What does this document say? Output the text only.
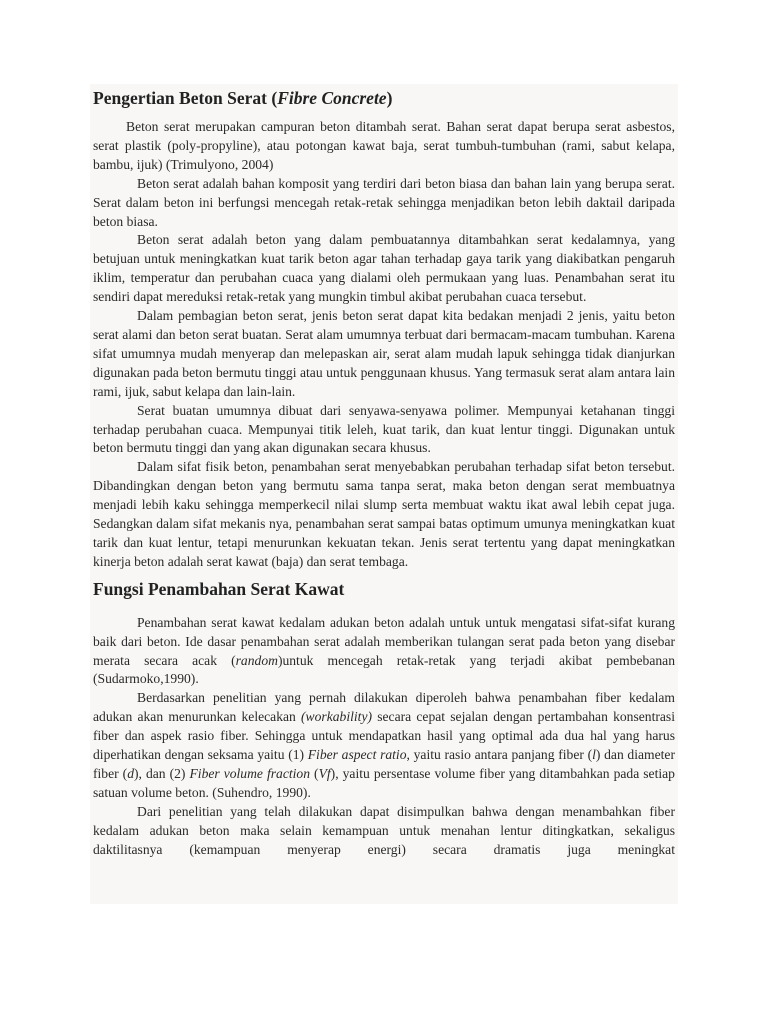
Pengertian Beton Serat (Fibre Concrete)

Beton serat merupakan campuran beton ditambah serat. Bahan serat dapat berupa serat asbestos, serat plastik (poly-propyline), atau potongan kawat baja, serat tumbuh-tumbuhan (rami, sabut kelapa, bambu, ijuk) (Trimulyono, 2004)

Beton serat adalah bahan komposit yang terdiri dari beton biasa dan bahan lain yang berupa serat. Serat dalam beton ini berfungsi mencegah retak-retak sehingga menjadikan beton lebih daktail daripada beton biasa.

Beton serat adalah beton yang dalam pembuatannya ditambahkan serat kedalamnya, yang betujuan untuk meningkatkan kuat tarik beton agar tahan terhadap gaya tarik yang diakibatkan pengaruh iklim, temperatur dan perubahan cuaca yang dialami oleh permukaan yang luas. Penambahan serat itu sendiri dapat mereduksi retak-retak yang mungkin timbul akibat perubahan cuaca tersebut.

Dalam pembagian beton serat, jenis beton serat dapat kita bedakan menjadi 2 jenis, yaitu beton serat alami dan beton serat buatan. Serat alam umumnya terbuat dari bermacam-macam tumbuhan. Karena sifat umumnya mudah menyerap dan melepaskan air, serat alam mudah lapuk sehingga tidak dianjurkan digunakan pada beton bermutu tinggi atau untuk penggunaan khusus. Yang termasuk serat alam antara lain rami, ijuk, sabut kelapa dan lain-lain.

Serat buatan umumnya dibuat dari senyawa-senyawa polimer. Mempunyai ketahanan tinggi terhadap perubahan cuaca. Mempunyai titik leleh, kuat tarik, dan kuat lentur tinggi. Digunakan untuk beton bermutu tinggi dan yang akan digunakan secara khusus.

Dalam sifat fisik beton, penambahan serat menyebabkan perubahan terhadap sifat beton tersebut. Dibandingkan dengan beton yang bermutu sama tanpa serat, maka beton dengan serat membuatnya menjadi lebih kaku sehingga memperkecil nilai slump serta membuat waktu ikat awal lebih cepat juga. Sedangkan dalam sifat mekanis nya, penambahan serat sampai batas optimum umunya meningkatkan kuat tarik dan kuat lentur, tetapi menurunkan kekuatan tekan. Jenis serat tertentu yang dapat meningkatkan kinerja beton adalah serat kawat (baja) dan serat tembaga.

Fungsi Penambahan Serat Kawat

Penambahan serat kawat kedalam adukan beton adalah untuk untuk mengatasi sifat-sifat kurang baik dari beton. Ide dasar penambahan serat adalah memberikan tulangan serat pada beton yang disebar merata secara acak (random)untuk mencegah retak-retak yang terjadi akibat pembebanan (Sudarmoko,1990).

Berdasarkan penelitian yang pernah dilakukan diperoleh bahwa penambahan fiber kedalam adukan akan menurunkan kelecakan (workability) secara cepat sejalan dengan pertambahan konsentrasi fiber dan aspek rasio fiber. Sehingga untuk mendapatkan hasil yang optimal ada dua hal yang harus diperhatikan dengan seksama yaitu (1) Fiber aspect ratio, yaitu rasio antara panjang fiber (l) dan diameter fiber (d), dan (2) Fiber volume fraction (Vf), yaitu persentase volume fiber yang ditambahkan pada setiap satuan volume beton. (Suhendro, 1990).

Dari penelitian yang telah dilakukan dapat disimpulkan bahwa dengan menambahkan fiber kedalam adukan beton maka selain kemampuan untuk menahan lentur ditingkatkan, sekaligus daktilitasnya (kemampuan menyerap energi) secara dramatis juga meningkat
